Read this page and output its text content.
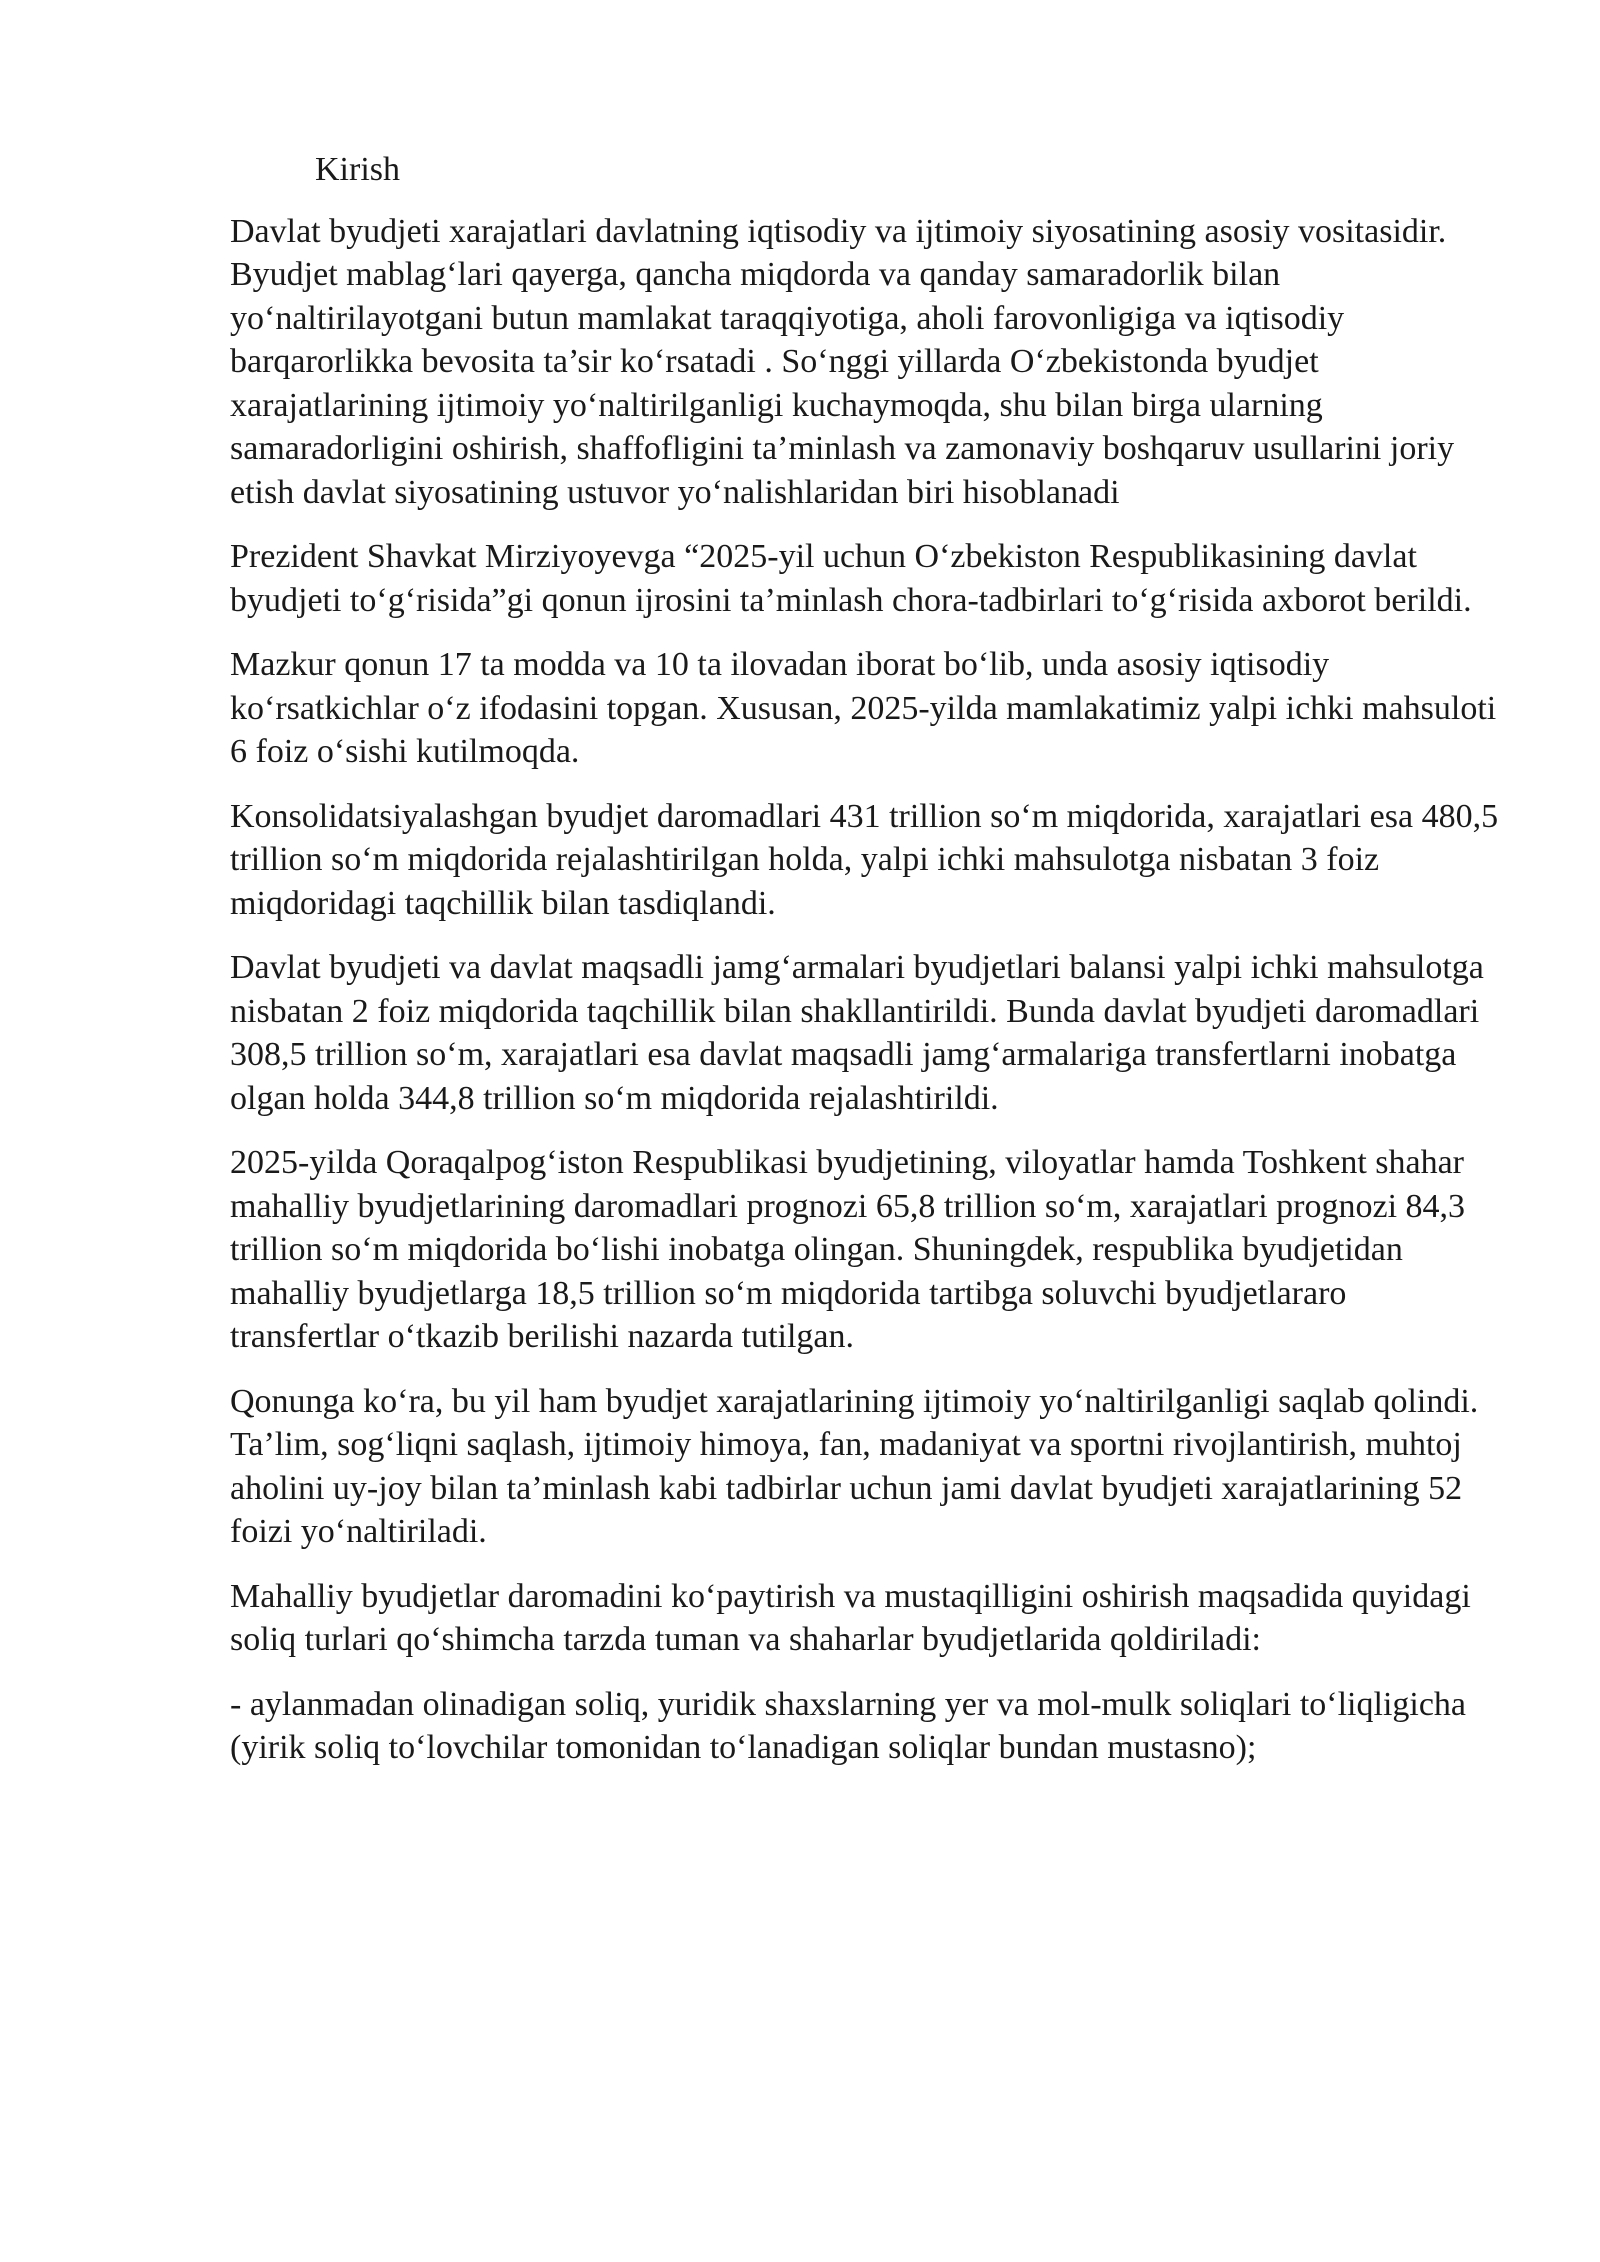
Kirish

Davlat byudjeti xarajatlari davlatning iqtisodiy va ijtimoiy siyosatining asosiy vositasidir. Byudjet mablag‘lari qayerga, qancha miqdorda va qanday samaradorlik bilan yo‘naltirilayotgani butun mamlakat taraqqiyotiga, aholi farovonligiga va iqtisodiy barqarorlikka bevosita ta’sir ko‘rsatadi . So‘nggi yillarda O‘zbekistonda byudjet xarajatlarining ijtimoiy yo‘naltirilganligi kuchaymoqda, shu bilan birga ularning samaradorligini oshirish, shaffofligini ta’minlash va zamonaviy boshqaruv usullarini joriy etish davlat siyosatining ustuvor yo‘nalishlaridan biri hisoblanadi

Prezident Shavkat Mirziyoyevga “2025-yil uchun O‘zbekiston Respublikasining davlat byudjeti to‘g‘risida”gi qonun ijrosini ta’minlash chora-tadbirlari to‘g‘risida axborot berildi.

Mazkur qonun 17 ta modda va 10 ta ilovadan iborat bo‘lib, unda asosiy iqtisodiy ko‘rsatkichlar o‘z ifodasini topgan. Xususan, 2025-yilda mamlakatimiz yalpi ichki mahsuloti 6 foiz o‘sishi kutilmoqda.

Konsolidatsiyalashgan byudjet daromadlari 431 trillion so‘m miqdorida, xarajatlari esa 480,5 trillion so‘m miqdorida rejalashtirilgan holda, yalpi ichki mahsulotga nisbatan 3 foiz miqdoridagi taqchillik bilan tasdiqlandi.

Davlat byudjeti va davlat maqsadli jamg‘armalari byudjetlari balansi yalpi ichki mahsulotga nisbatan 2 foiz miqdorida taqchillik bilan shakllantirildi. Bunda davlat byudjeti daromadlari 308,5 trillion so‘m, xarajatlari esa davlat maqsadli jamg‘armalariga transfertlarni inobatga olgan holda 344,8 trillion so‘m miqdorida rejalashtirildi.

2025-yilda Qoraqalpog‘iston Respublikasi byudjetining, viloyatlar hamda Toshkent shahar mahalliy byudjetlarining daromadlari prognozi 65,8 trillion so‘m, xarajatlari prognozi 84,3 trillion so‘m miqdorida bo‘lishi inobatga olingan. Shuningdek, respublika byudjetidan mahalliy byudjetlarga 18,5 trillion so‘m miqdorida tartibga soluvchi byudjetlararo transfertlar o‘tkazib berilishi nazarda tutilgan.

Qonunga ko‘ra, bu yil ham byudjet xarajatlarining ijtimoiy yo‘naltirilganligi saqlab qolindi. Ta’lim, sog‘liqni saqlash, ijtimoiy himoya, fan, madaniyat va sportni rivojlantirish, muhtoj aholini uy-joy bilan ta’minlash kabi tadbirlar uchun jami davlat byudjeti xarajatlarining 52 foizi yo‘naltiriladi.

Mahalliy byudjetlar daromadini ko‘paytirish va mustaqilligini oshirish maqsadida quyidagi soliq turlari qo‘shimcha tarzda tuman va shaharlar byudjetlarida qoldiriladi:

- aylanmadan olinadigan soliq, yuridik shaxslarning yer va mol-mulk soliqlari to‘liqligicha (yirik soliq to‘lovchilar tomonidan to‘lanadigan soliqlar bundan mustasno);
